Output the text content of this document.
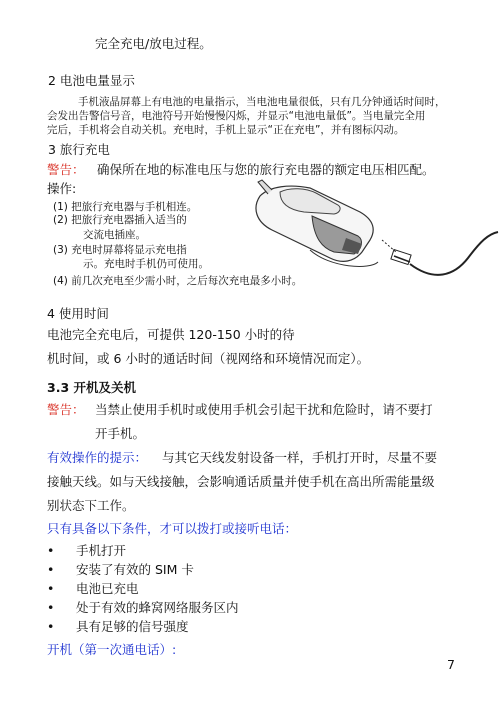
完全充电/放电过程。
2 电池电量显示
手机液晶屏幕上有电池的电量指示，当电池电量很低，只有几分钟通话时间时，
会发出告警信号音，电池符号开始慢慢闪烁，并显示“电池电量低”。当电量完全用
完后，手机将会自动关机。充电时，手机上显示“正在充电”，并有图标闪动。
3 旅行充电
警告： 确保所在地的标准电压与您的旅行充电器的额定电压相匹配。
操作:
(1) 把旅行充电器与手机相连。
(2) 把旅行充电器插入适当的
交流电插座。
(3) 充电时屏幕将显示充电指
示。充电时手机仍可使用。
(4) 前几次充电至少需小时，之后每次充电最多小时。
4 使用时间
电池完全充电后，可提供 120-150 小时的待
机时间，或 6 小时的通话时间（视网络和环境情况而定）。
3.3 开机及关机
警告： 当禁止使用手机时或使用手机会引起干扰和危险时，请不要打
开手机。
有效操作的提示： 与其它天线发射设备一样，手机打开时，尽量不要
接触天线。如与天线接触，会影响通话质量并使手机在高出所需能量级
别状态下工作。
只有具备以下条件，才可以拨打或接听电话：
• 手机打开
• 安装了有效的 SIM 卡
• 电池已充电
• 处于有效的蜂窝网络服务区内
• 具有足够的信号强度
开机（第一次通电话）:
7
